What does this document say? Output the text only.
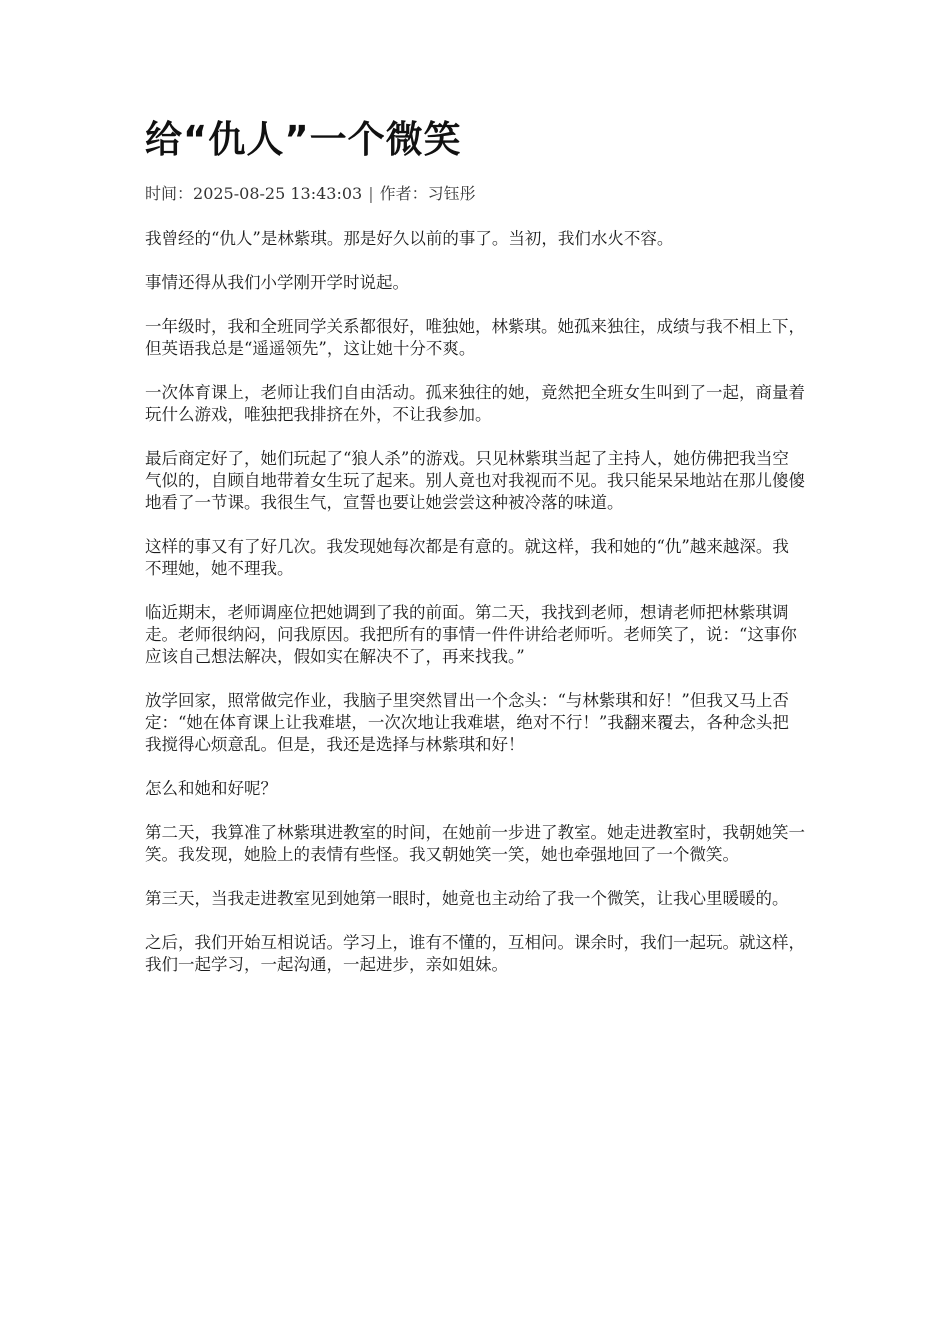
给“仇人”一个微笑
时间：2025-08-25 13:43:03 | 作者：习钰彤

我曾经的“仇人”是林紫琪。那是好久以前的事了。当初，我们水火不容。

事情还得从我们小学刚开学时说起。

一年级时，我和全班同学关系都很好，唯独她，林紫琪。她孤来独往，成绩与我不相上下，但英语我总是“遥遥领先”，这让她十分不爽。

一次体育课上，老师让我们自由活动。孤来独往的她，竟然把全班女生叫到了一起，商量着玩什么游戏，唯独把我排挤在外，不让我参加。

最后商定好了，她们玩起了“狼人杀”的游戏。只见林紫琪当起了主持人，她仿佛把我当空气似的，自顾自地带着女生玩了起来。别人竟也对我视而不见。我只能呆呆地站在那儿傻傻地看了一节课。我很生气，宣誓也要让她尝尝这种被冷落的味道。

这样的事又有了好几次。我发现她每次都是有意的。就这样，我和她的“仇”越来越深。我不理她，她不理我。

临近期末，老师调座位把她调到了我的前面。第二天，我找到老师，想请老师把林紫琪调走。老师很纳闷，问我原因。我把所有的事情一件件讲给老师听。老师笑了，说：“这事你应该自己想法解决，假如实在解决不了，再来找我。”

放学回家，照常做完作业，我脑子里突然冒出一个念头：“与林紫琪和好！”但我又马上否定：“她在体育课上让我难堪，一次次地让我难堪，绝对不行！”我翻来覆去，各种念头把我搅得心烦意乱。但是，我还是选择与林紫琪和好！

怎么和她和好呢？

第二天，我算准了林紫琪进教室的时间，在她前一步进了教室。她走进教室时，我朝她笑一笑。我发现，她脸上的表情有些怪。我又朝她笑一笑，她也牵强地回了一个微笑。

第三天，当我走进教室见到她第一眼时，她竟也主动给了我一个微笑，让我心里暖暖的。

之后，我们开始互相说话。学习上，谁有不懂的，互相问。课余时，我们一起玩。就这样，我们一起学习，一起沟通，一起进步，亲如姐妹。
